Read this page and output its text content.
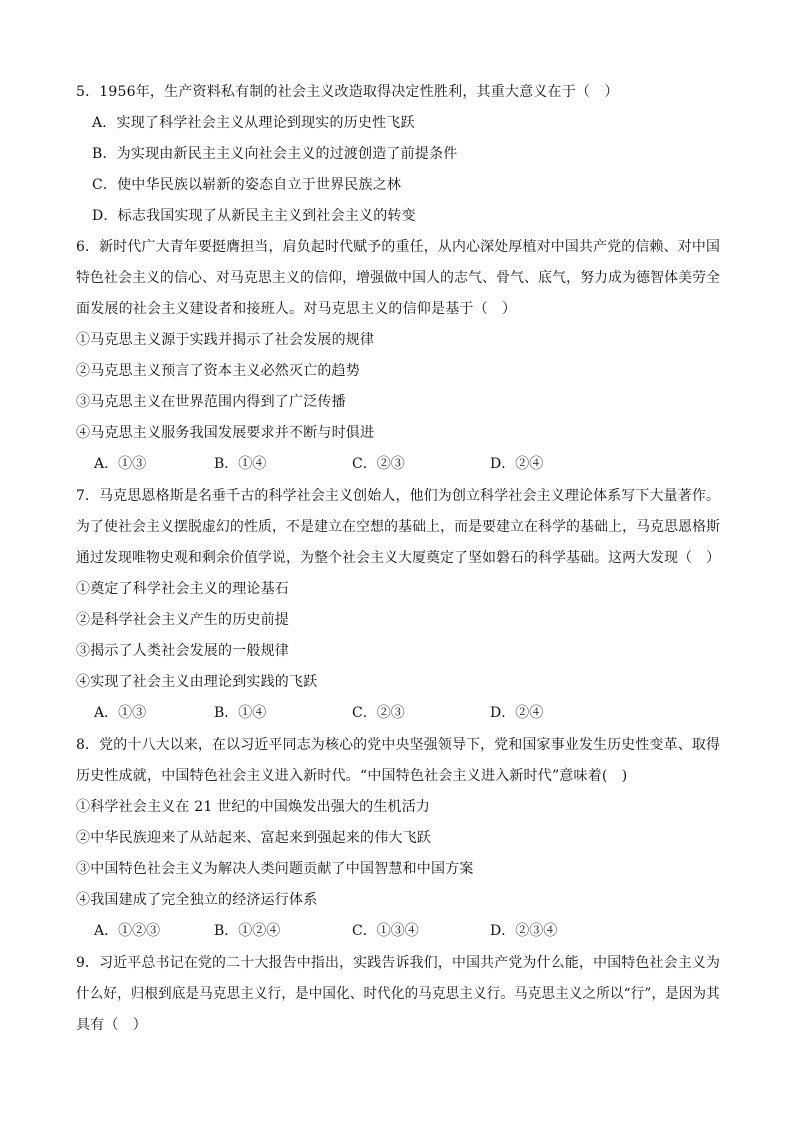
5．1956年，生产资料私有制的社会主义改造取得决定性胜利，其重大意义在于（　）
A．实现了科学社会主义从理论到现实的历史性飞跃
B．为实现由新民主主义向社会主义的过渡创造了前提条件
C．使中华民族以崭新的姿态自立于世界民族之林
D．标志我国实现了从新民主主义到社会主义的转变
6．新时代广大青年要挺膺担当，肩负起时代赋予的重任，从内心深处厚植对中国共产党的信赖、对中国
特色社会主义的信心、对马克思主义的信仰，增强做中国人的志气、骨气、底气，努力成为德智体美劳全
面发展的社会主义建设者和接班人。对马克思主义的信仰是基于（　）
①马克思主义源于实践并揭示了社会发展的规律
②马克思主义预言了资本主义必然灭亡的趋势
③马克思主义在世界范围内得到了广泛传播
④马克思主义服务我国发展要求并不断与时俱进
A．①③	B．①④	C．②③	D．②④
7．马克思恩格斯是名垂千古的科学社会主义创始人，他们为创立科学社会主义理论体系写下大量著作。
为了使社会主义摆脱虚幻的性质，不是建立在空想的基础上，而是要建立在科学的基础上，马克思恩格斯
通过发现唯物史观和剩余价值学说，为整个社会主义大厦奠定了坚如磐石的科学基础。这两大发现（　）
①奠定了科学社会主义的理论基石
②是科学社会主义产生的历史前提
③揭示了人类社会发展的一般规律
④实现了社会主义由理论到实践的飞跃
A．①③	B．①④	C．②③	D．②④
8．党的十八大以来，在以习近平同志为核心的党中央坚强领导下，党和国家事业发生历史性变革、取得
历史性成就，中国特色社会主义进入新时代。“中国特色社会主义进入新时代”意味着(　)
①科学社会主义在 21 世纪的中国焕发出强大的生机活力
②中华民族迎来了从站起来、富起来到强起来的伟大飞跃
③中国特色社会主义为解决人类问题贡献了中国智慧和中国方案
④我国建成了完全独立的经济运行体系
A．①②③	B．①②④	C．①③④	D．②③④
9．习近平总书记在党的二十大报告中指出，实践告诉我们，中国共产党为什么能，中国特色社会主义为
什么好，归根到底是马克思主义行，是中国化、时代化的马克思主义行。马克思主义之所以“行”，是因为其
具有（　）
